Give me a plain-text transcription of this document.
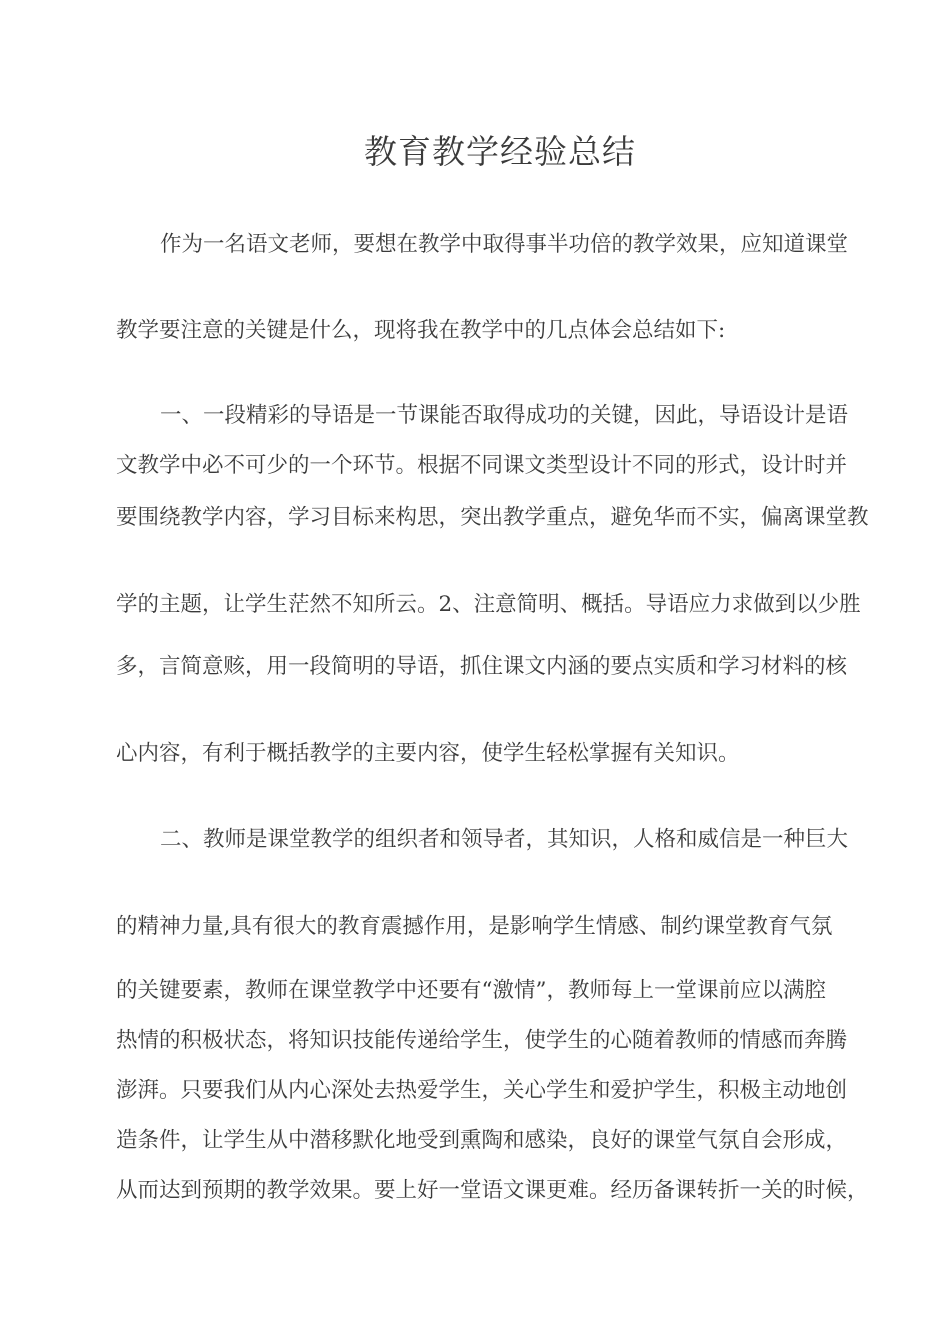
教育教学经验总结
作为一名语文老师，要想在教学中取得事半功倍的教学效果，应知道课堂
教学要注意的关键是什么，现将我在教学中的几点体会总结如下:
一、一段精彩的导语是一节课能否取得成功的关键，因此，导语设计是语
文教学中必不可少的一个环节。根据不同课文类型设计不同的形式，设计时并
要围绕教学内容，学习目标来构思，突出教学重点，避免华而不实，偏离课堂教
学的主题，让学生茫然不知所云。2、注意简明、概括。导语应力求做到以少胜
多，言简意赅，用一段简明的导语，抓住课文内涵的要点实质和学习材料的核
心内容，有利于概括教学的主要内容，使学生轻松掌握有关知识。
二、教师是课堂教学的组织者和领导者，其知识，人格和威信是一种巨大
的精神力量,具有很大的教育震撼作用，是影响学生情感、制约课堂教育气氛
的关键要素，教师在课堂教学中还要有“激情”，教师每上一堂课前应以满腔
热情的积极状态，将知识技能传递给学生，使学生的心随着教师的情感而奔腾
澎湃。只要我们从内心深处去热爱学生，关心学生和爱护学生，积极主动地创
造条件，让学生从中潜移默化地受到熏陶和感染，良好的课堂气氛自会形成，
从而达到预期的教学效果。要上好一堂语文课更难。经历备课转折一关的时候，
